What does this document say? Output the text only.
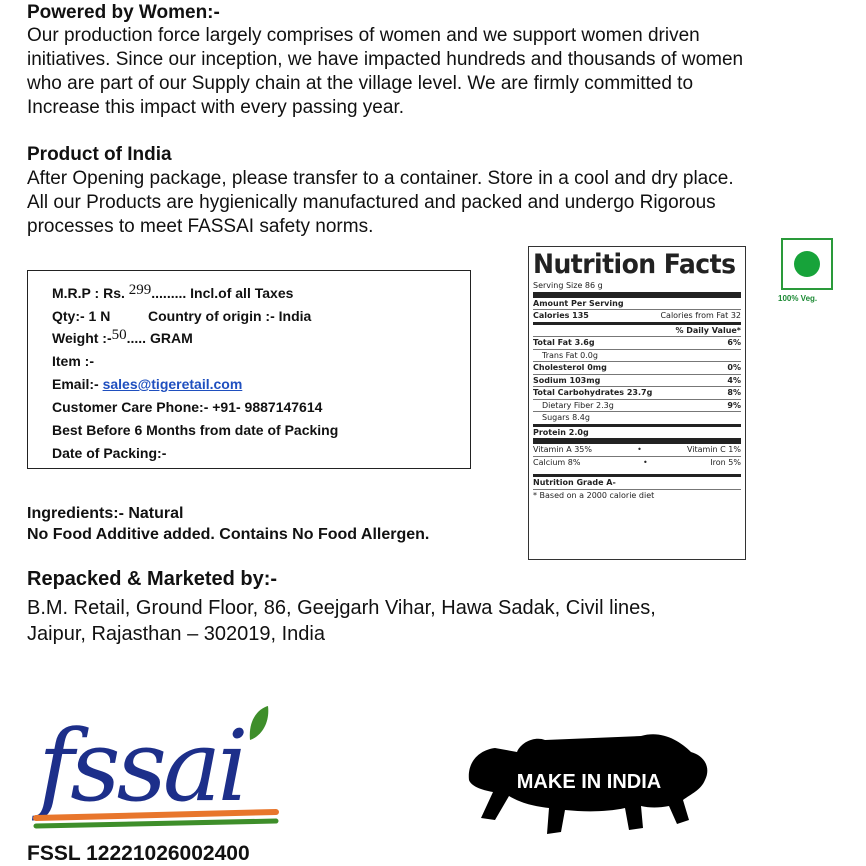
Powered by Women:-
Our production force largely comprises of women and we support women driven
initiatives. Since our inception, we have impacted hundreds and thousands of women
who are part of our Supply chain at the village level. We are firmly committed to
Increase this impact with every passing year.
Product of India
After Opening package, please transfer to a container. Store in a cool and dry place.
All our Products are hygienically manufactured and packed and undergo Rigorous
processes to meet FASSAI safety norms.
M.R.P : Rs. 299......... Incl.of all Taxes
Qty:- 1 N	Country of origin :- India
Weight :-50..... GRAM
Item :-
Email:- sales@tigeretail.com
Customer Care Phone:- +91- 9887147614
Best Before 6 Months from date of Packing
Date of Packing:-
Ingredients:- Natural
No Food Additive added. Contains No Food Allergen.
Nutrition Facts
Serving Size 86 g
Amount Per Serving
Calories 135	Calories from Fat 32
% Daily Value*
Total Fat 3.6g	6%
Trans Fat 0.0g
Cholesterol 0mg	0%
Sodium 103mg	4%
Total Carbohydrates 23.7g	8%
Dietary Fiber 2.3g	9%
Sugars 8.4g
Protein 2.0g
Vitamin A 35%	•	Vitamin C 1%
Calcium 8%	•	Iron 5%
Nutrition Grade A-
* Based on a 2000 calorie diet
100% Veg.
Repacked & Marketed by:-
B.M. Retail, Ground Floor, 86, Geejgarh Vihar, Hawa Sadak, Civil lines,
Jaipur, Rajasthan – 302019, India
fssai
FSSL 12221026002400
MAKE IN INDIA
